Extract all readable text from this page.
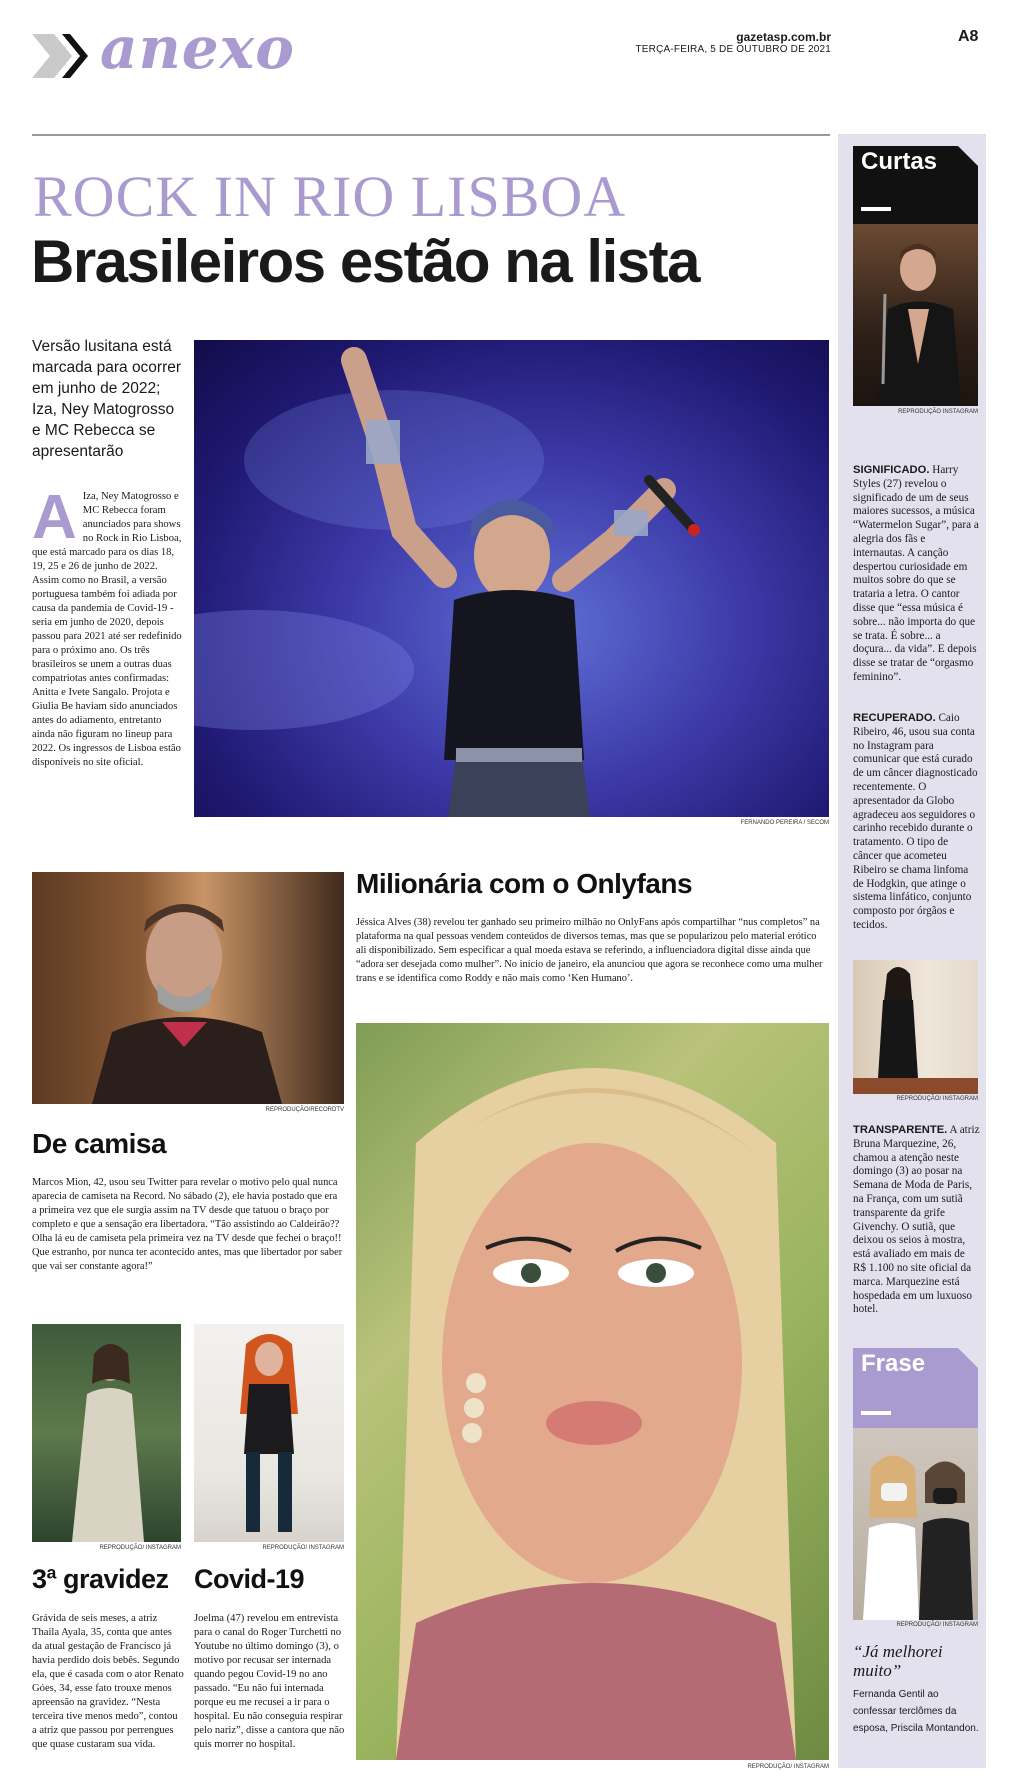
anexo	gazetasp.com.br
TERÇA-FEIRA, 5 DE OUTUBRO DE 2021
A8
ROCK IN RIO LISBOA
Brasileiros estão na lista
Versão lusitana está marcada para ocorrer em junho de 2022; Iza, Ney Matogrosso e MC Rebecca se apresentarão
A Iza, Ney Matogrosso e MC Rebecca foram anunciados para shows no Rock in Rio Lisboa, que está marcado para os dias 18, 19, 25 e 26 de junho de 2022. Assim como no Brasil, a versão portuguesa também foi adiada por causa da pandemia de Covid-19 - seria em junho de 2020, depois passou para 2021 até ser redefinido para o próximo ano. Os três brasileiros se unem a outras duas compatriotas antes confirmadas: Anitta e Ivete Sangalo. Projota e Giulia Be haviam sido anunciados antes do adiamento, entretanto ainda não figuram no lineup para 2022. Os ingressos de Lisboa estão disponíveis no site oficial.
FERNANDO PEREIRA / SECOM
Milionária com o Onlyfans
Jéssica Alves (38) revelou ter ganhado seu primeiro milhão no OnlyFans após compartilhar “nus completos” na plataforma na qual pessoas vendem conteúdos de diversos temas, mas que se popularizou pelo material erótico ali disponibilizado. Sem especificar a qual moeda estava se referindo, a influenciadora digital disse ainda que “adora ser desejada como mulher”. No início de janeiro, ela anunciou que agora se reconhece como uma mulher trans e se identifica como Roddy e não mais como ‘Ken Humano’.
REPRODUÇÃO/ INSTAGRAM
REPRODUÇÃO/RECORDTV
De camisa
Marcos Mion, 42, usou seu Twitter para revelar o motivo pelo qual nunca aparecia de camiseta na Record. No sábado (2), ele havia postado que era a primeira vez que ele surgia assim na TV desde que tatuou o braço por completo e que a sensação era libertadora. “Tão assistindo ao Caldeirão?? Olha lá eu de camiseta pela primeira vez na TV desde que fechei o braço!! Que estranho, por nunca ter acontecido antes, mas que libertador por saber que vai ser constante agora!”
REPRODUÇÃO/ INSTAGRAM
3ª gravidez
Grávida de seis meses, a atriz Thaila Ayala, 35, conta que antes da atual gestação de Francisco já havia perdido dois bebês. Segundo ela, que é casada com o ator Renato Góes, 34, esse fato trouxe menos apreensão na gravidez. “Nesta terceira tive menos medo”, contou a atriz que passou por perrengues que quase custaram sua vida.
REPRODUÇÃO/ INSTAGRAM
Covid-19
Joelma (47) revelou em entrevista para o canal do Roger Turchetti no Youtube no último domingo (3), o motivo por recusar ser internada quando pegou Covid-19 no ano passado. “Eu não fui internada porque eu me recusei a ir para o hospital. Eu não conseguia respirar pelo nariz”, disse a cantora que não quis morrer no hospital.
Curtas
REPRODUÇÃO INSTAGRAM
SIGNIFICADO. Harry Styles (27) revelou o significado de um de seus maiores sucessos, a música “Watermelon Sugar”, para a alegria dos fãs e internautas. A canção despertou curiosidade em muitos sobre do que se trataria a letra. O cantor disse que “essa música é sobre... não importa do que se trata. É sobre... a doçura... da vida”. E depois disse se tratar de “orgasmo feminino”.
RECUPERADO. Caio Ribeiro, 46, usou sua conta no Instagram para comunicar que está curado de um câncer diagnosticado recentemente. O apresentador da Globo agradeceu aos seguidores o carinho recebido durante o tratamento. O tipo de câncer que acometeu Ribeiro se chama linfoma de Hodgkin, que atinge o sistema linfático, conjunto composto por órgãos e tecidos.
REPRODUÇÃO/ INSTAGRAM
TRANSPARENTE. A atriz Bruna Marquezine, 26, chamou a atenção neste domingo (3) ao posar na Semana de Moda de Paris, na França, com um sutiã transparente da grife Givenchy. O sutiã, que deixou os seios à mostra, está avaliado em mais de R$ 1.100 no site oficial da marca. Marquezine está hospedada em um luxuoso hotel.
Frase
REPRODUÇÃO/ INSTAGRAM
“Já melhorei muito”
Fernanda Gentil ao confessar terclômes da esposa, Priscila Montandon.
